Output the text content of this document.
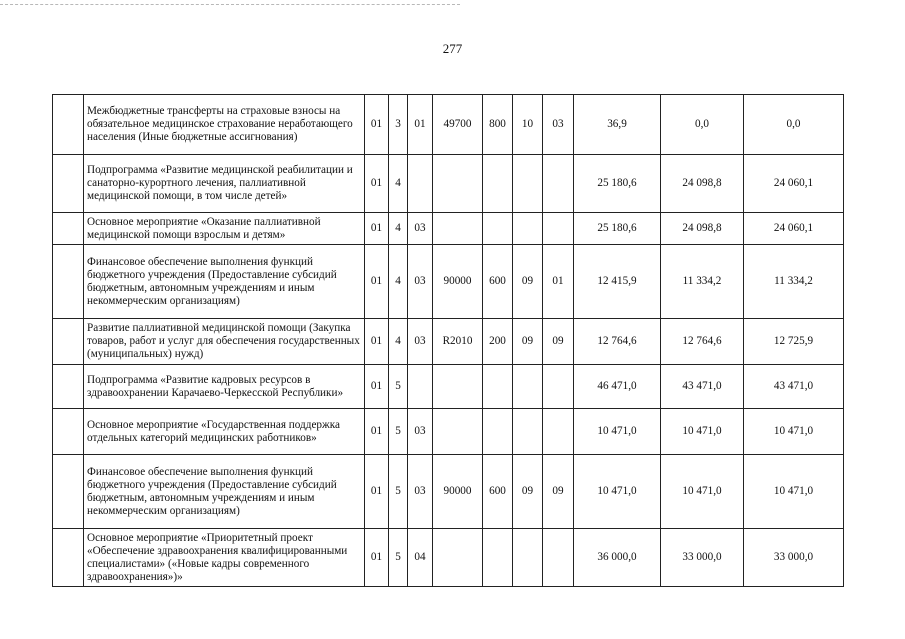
277
	Межбюджетные трансферты на страховые взносы на обязательное медицинское страхование неработающего населения (Иные бюджетные ассигнования)	01	3	01	49700	800	10	03	36,9	0,0	0,0
	Подпрограмма «Развитие медицинской реабилитации и санаторно-курортного лечения, паллиативной медицинской помощи, в том числе детей»	01	4						25 180,6	24 098,8	24 060,1
	Основное мероприятие «Оказание паллиативной медицинской помощи взрослым и детям»	01	4	03					25 180,6	24 098,8	24 060,1
	Финансовое обеспечение выполнения функций бюджетного учреждения (Предоставление субсидий бюджетным, автономным учреждениям и иным некоммерческим организациям)	01	4	03	90000	600	09	01	12 415,9	11 334,2	11 334,2
	Развитие паллиативной медицинской помощи (Закупка товаров, работ и услуг для обеспечения государственных (муниципальных) нужд)	01	4	03	R2010	200	09	09	12 764,6	12 764,6	12 725,9
	Подпрограмма «Развитие кадровых ресурсов в здравоохранении Карачаево-Черкесской Республики»	01	5						46 471,0	43 471,0	43 471,0
	Основное мероприятие «Государственная поддержка отдельных категорий медицинских работников»	01	5	03					10 471,0	10 471,0	10 471,0
	Финансовое обеспечение выполнения функций бюджетного учреждения (Предоставление субсидий бюджетным, автономным учреждениям и иным некоммерческим организациям)	01	5	03	90000	600	09	09	10 471,0	10 471,0	10 471,0
	Основное мероприятие «Приоритетный проект «Обеспечение здравоохранения квалифицированными специалистами» («Новые кадры современного здравоохранения»)»	01	5	04					36 000,0	33 000,0	33 000,0
